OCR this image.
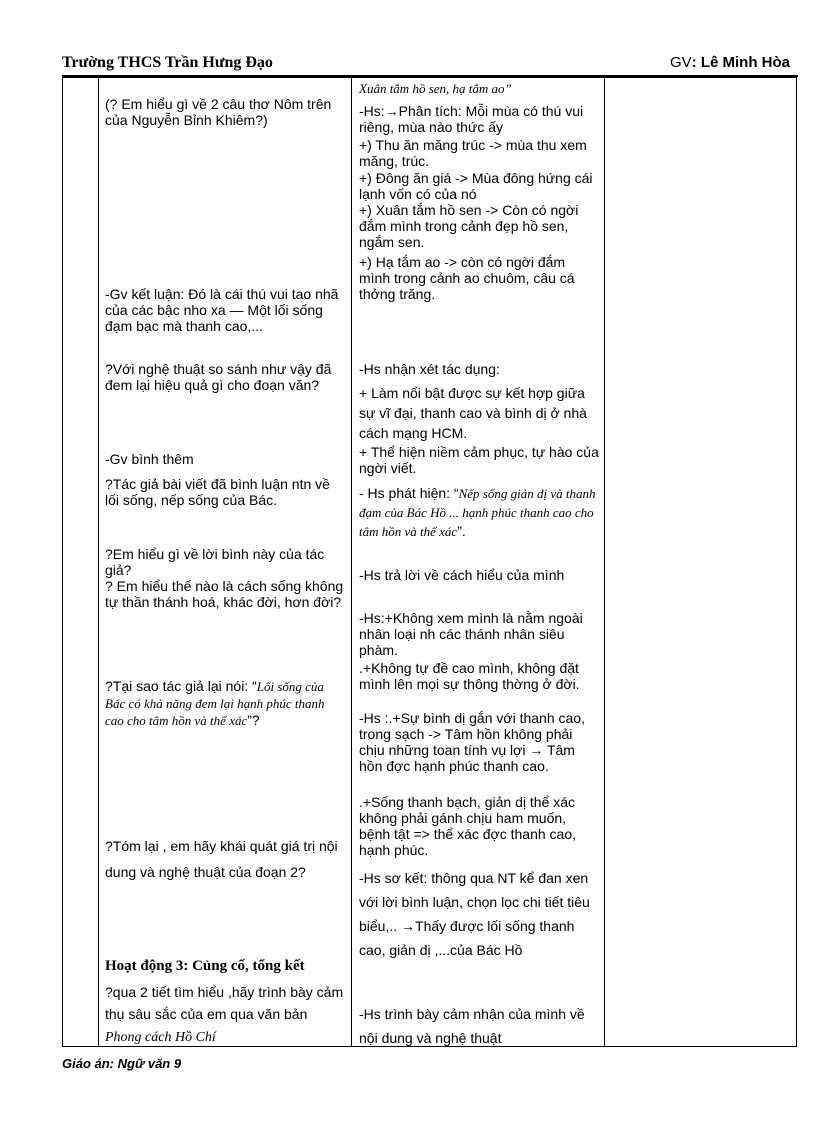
Trường THCS Trần Hưng Đạo	GV: Lê Minh Hòa

(? Em hiểu gì về 2 câu thơ Nôm trên của Nguyễn Bỉnh Khiêm?)

-Gv kết luận: Đó là cái thú vui tao nhã của các bậc nho xa — Một lối sống đạm bạc mà thanh cao,...

?Với nghệ thuật so sánh như vậy đã đem lại hiệu quả gì cho đoạn văn?

-Gv bình thêm

?Tác giả bài viết đã bình luận ntn về lối sống, nếp sống của Bác.

?Em hiểu gì về lời bình này của tác giả?

? Em hiểu thế nào là cách sống không tự thần thánh hoá, khác đời, hơn đời?

?Tại sao tác giả lại nói: “Lối sống của Bác có khả năng đem lại hạnh phúc thanh cao cho tâm hồn và thể xác”?

?Tóm lại , em hãy khái quát giá trị nội dung và nghệ thuật của đoạn 2?

Hoạt động 3: Củng cố, tổng kết

?qua 2 tiết tìm hiểu ,hãy trình bày cảm thụ sâu sắc của em qua văn bản Phong cách Hồ Chí

Xuân tắm hồ sen, hạ tắm ao”

-Hs:→Phân tích: Mỗi mùa có thú vui riêng, mùa nào thức ấy

+) Thu ăn măng trúc -> mùa thu xem măng, trúc.

+) Đông ăn giá -> Mùa đông hứng cái lạnh vốn có của nó

+) Xuân tắm hồ sen -> Còn có ngời đắm mình trong cảnh đẹp hồ sen, ngắm sen.

+) Hạ tắm ao -> còn có ngời đắm mình trong cảnh ao chuôm, câu cá thởng trăng.

-Hs nhận xét tác dụng:

+ Làm nổi bật được sự kết hợp giữa sự vĩ đại, thanh cao và bình dị ở nhà cách mạng HCM.

+ Thể hiện niềm cảm phục, tự hào của ngời viết.

- Hs phát hiện: “Nếp sống giản dị và thanh đạm của Bác Hồ ... hạnh phúc thanh cao cho tâm hồn và thể xác”.

-Hs trả lời về cách hiểu của mình

-Hs:+Không xem mình là nằm ngoài nhân loại nh các thánh nhân siêu phàm.

.+Không tự đề cao mình, không đặt mình lên mọi sự thông thờng ở đời.

-Hs :.+Sự bình dị gắn với thanh cao, trong sạch -> Tâm hồn không phải chịu những toan tính vụ lợi → Tâm hồn đợc hạnh phúc thanh cao.

.+Sống thanh bạch, giản dị thể xác không phải gánh chịu ham muốn, bệnh tật => thể xác đợc thanh cao, hạnh phúc.

-Hs sơ kết: thông qua NT kể đan xen với lời bình luận, chọn lọc chi tiết tiêu biểu,.. →Thấy được lối sống thanh cao, giản dị ,...của Bác Hồ

-Hs trình bày cảm nhận của mình về nội dung và nghệ thuật

Giáo án: Ngữ văn 9
